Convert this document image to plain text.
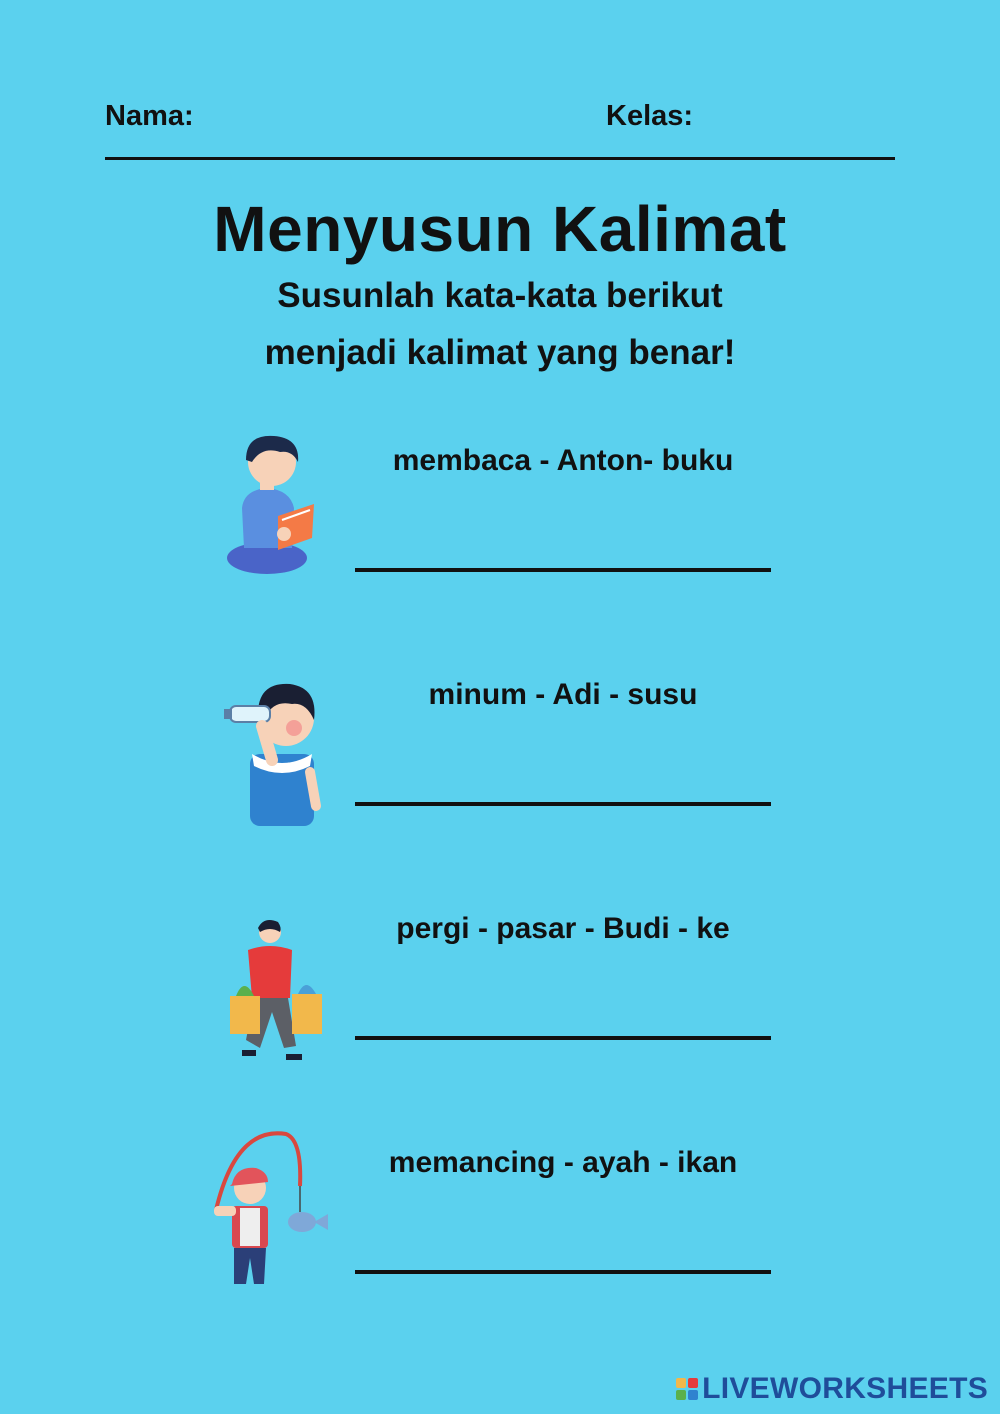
Nama:	Kelas:
Menyusun Kalimat
Susunlah kata-kata berikut
menjadi kalimat yang benar!
membaca - Anton- buku
minum - Adi - susu
pergi - pasar - Budi - ke
memancing - ayah - ikan
LIVEWORKSHEETS
